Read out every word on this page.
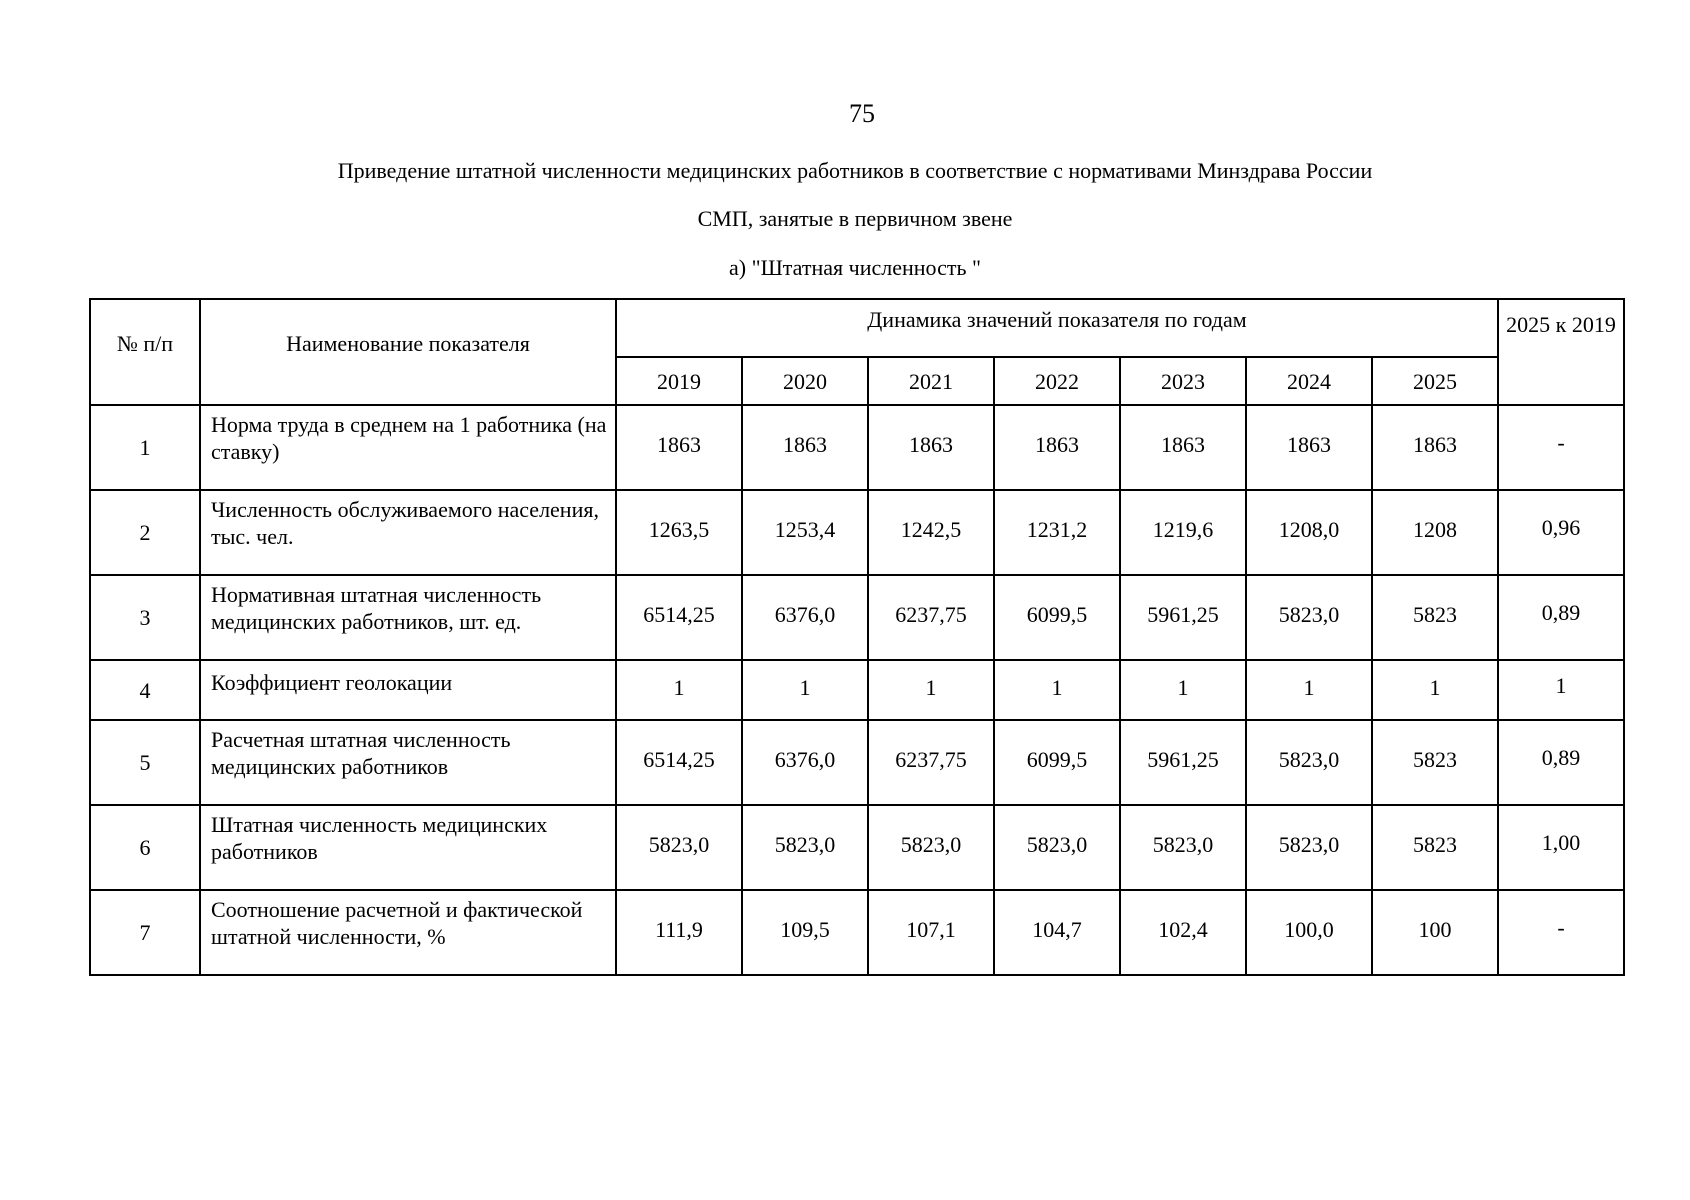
75
Приведение штатной численности медицинских работников в соответствие с нормативами Минздрава России
СМП, занятые в первичном звене
а) "Штатная численность "
№ п/п	Наименование показателя	Динамика значений показателя по годам							2025 к 2019
		2019	2020	2021	2022	2023	2024	2025	
1	Норма труда в среднем на 1 работника (на ставку)	1863	1863	1863	1863	1863	1863	1863	-
2	Численность обслуживаемого населения, тыс. чел.	1263,5	1253,4	1242,5	1231,2	1219,6	1208,0	1208	0,96
3	Нормативная штатная численность медицинских работников, шт. ед.	6514,25	6376,0	6237,75	6099,5	5961,25	5823,0	5823	0,89
4	Коэффициент геолокации	1	1	1	1	1	1	1	1
5	Расчетная штатная численность медицинских работников	6514,25	6376,0	6237,75	6099,5	5961,25	5823,0	5823	0,89
6	Штатная численность медицинских работников	5823,0	5823,0	5823,0	5823,0	5823,0	5823,0	5823	1,00
7	Соотношение расчетной и фактической штатной численности, %	111,9	109,5	107,1	104,7	102,4	100,0	100	-
